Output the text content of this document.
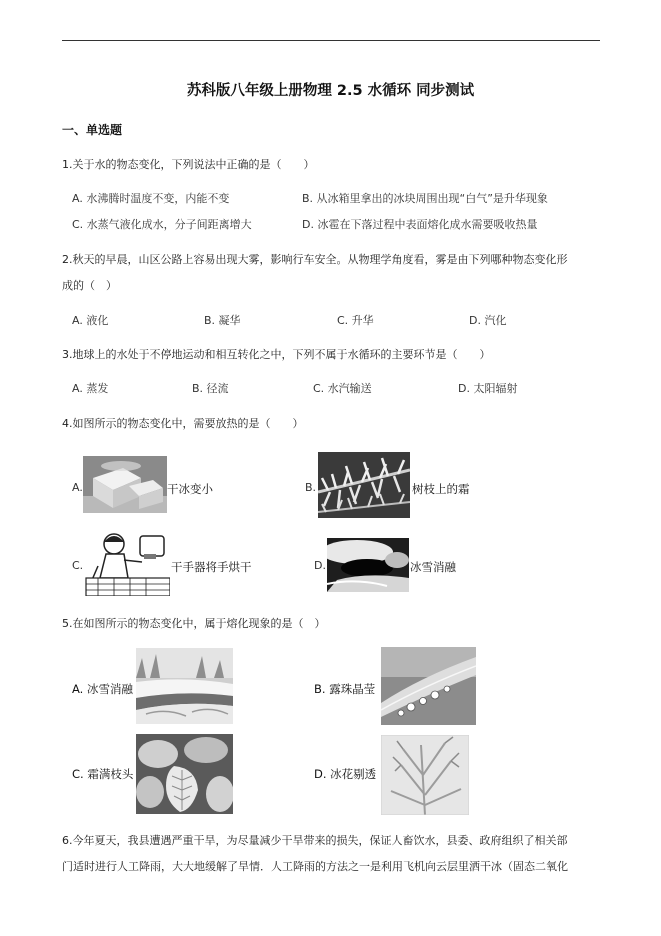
苏科版八年级上册物理 2.5 水循环 同步测试
一、单选题
1.关于水的物态变化，下列说法中正确的是（　　）
A. 水沸腾时温度不变，内能不变	B. 从冰箱里拿出的冰块周围出现“白气”是升华现象
C. 水蒸气液化成水，分子间距离增大	D. 冰雹在下落过程中表面熔化成水需要吸收热量
2.秋天的早晨，山区公路上容易出现大雾，影响行车安全。从物理学角度看，雾是由下列哪种物态变化形
成的（　）
A. 液化	B. 凝华	C. 升华	D. 汽化
3.地球上的水处于不停地运动和相互转化之中，下列不属于水循环的主要环节是（　　）
A. 蒸发	B. 径流	C. 水汽输送	D. 太阳辐射
4.如图所示的物态变化中，需要放热的是（　　）
A.	干冰变小	B.	树枝上的霜
C.	干手器将手烘干	D.	冰雪消融
5.在如图所示的物态变化中，属于熔化现象的是（　）
A. 冰雪消融	B. 露珠晶莹
C. 霜满枝头	D. 冰花剔透
6.今年夏天，我县遭遇严重干旱，为尽量减少干旱带来的损失，保证人畜饮水，县委、政府组织了相关部
门适时进行人工降雨，大大地缓解了旱情．人工降雨的方法之一是利用飞机向云层里洒干冰（固态二氧化
